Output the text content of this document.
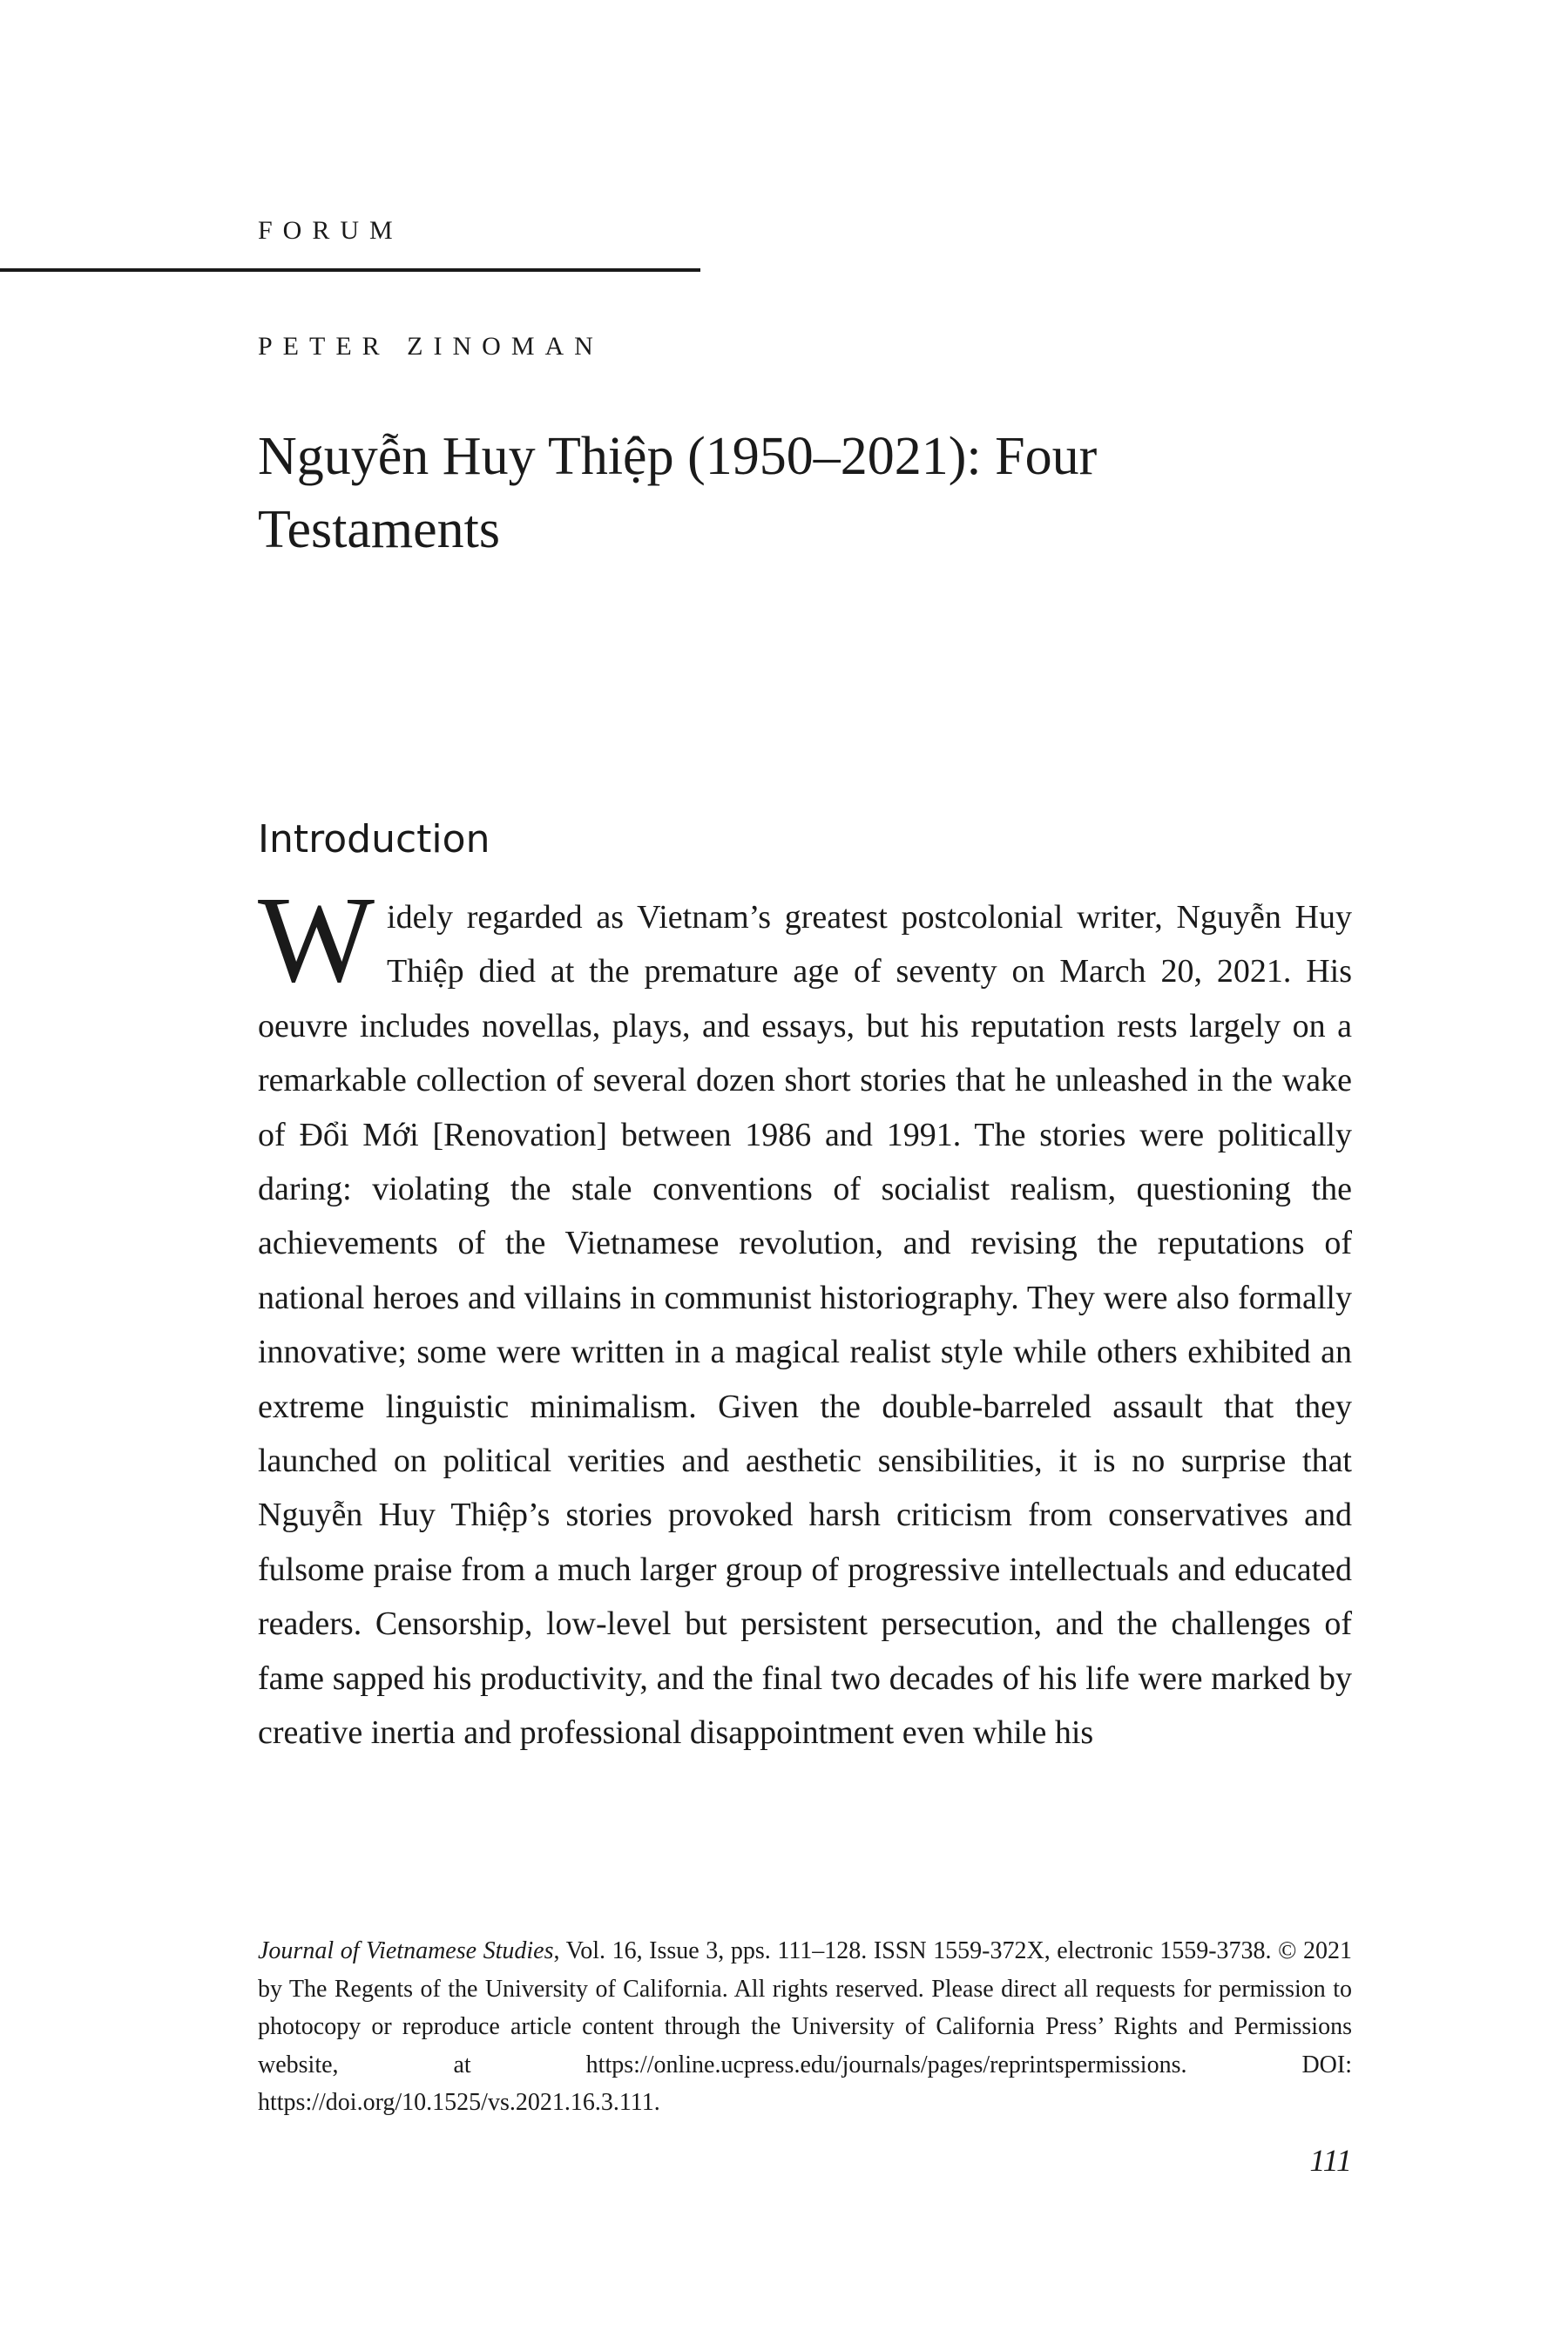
FORUM
PETER ZINOMAN
Nguyễn Huy Thiệp (1950–2021): Four Testaments
Introduction

Widely regarded as Vietnam’s greatest postcolonial writer, Nguyễn Huy Thiệp died at the premature age of seventy on March 20, 2021. His oeuvre includes novellas, plays, and essays, but his reputation rests largely on a remarkable collection of several dozen short stories that he unleashed in the wake of Đổi Mới [Renovation] between 1986 and 1991. The stories were politically daring: violating the stale conventions of socialist realism, questioning the achievements of the Vietnamese revolution, and revising the reputations of national heroes and villains in communist historiography. They were also formally innovative; some were written in a magical realist style while others exhibited an extreme linguistic minimalism. Given the double-barreled assault that they launched on political verities and aesthetic sensibilities, it is no surprise that Nguyễn Huy Thiệp’s stories provoked harsh criticism from conservatives and fulsome praise from a much larger group of progressive intellectuals and educated readers. Censorship, low-level but persistent persecution, and the challenges of fame sapped his productivity, and the final two decades of his life were marked by creative inertia and professional disappointment even while his

Journal of Vietnamese Studies, Vol. 16, Issue 3, pps. 111–128. ISSN 1559-372X, electronic 1559-3738. © 2021 by The Regents of the University of California. All rights reserved. Please direct all requests for permission to photocopy or reproduce article content through the University of California Press’ Rights and Permissions website, at https://online.ucpress.edu/journals/pages/reprintspermissions. DOI: https://doi.org/10.1525/vs.2021.16.3.111.

111
